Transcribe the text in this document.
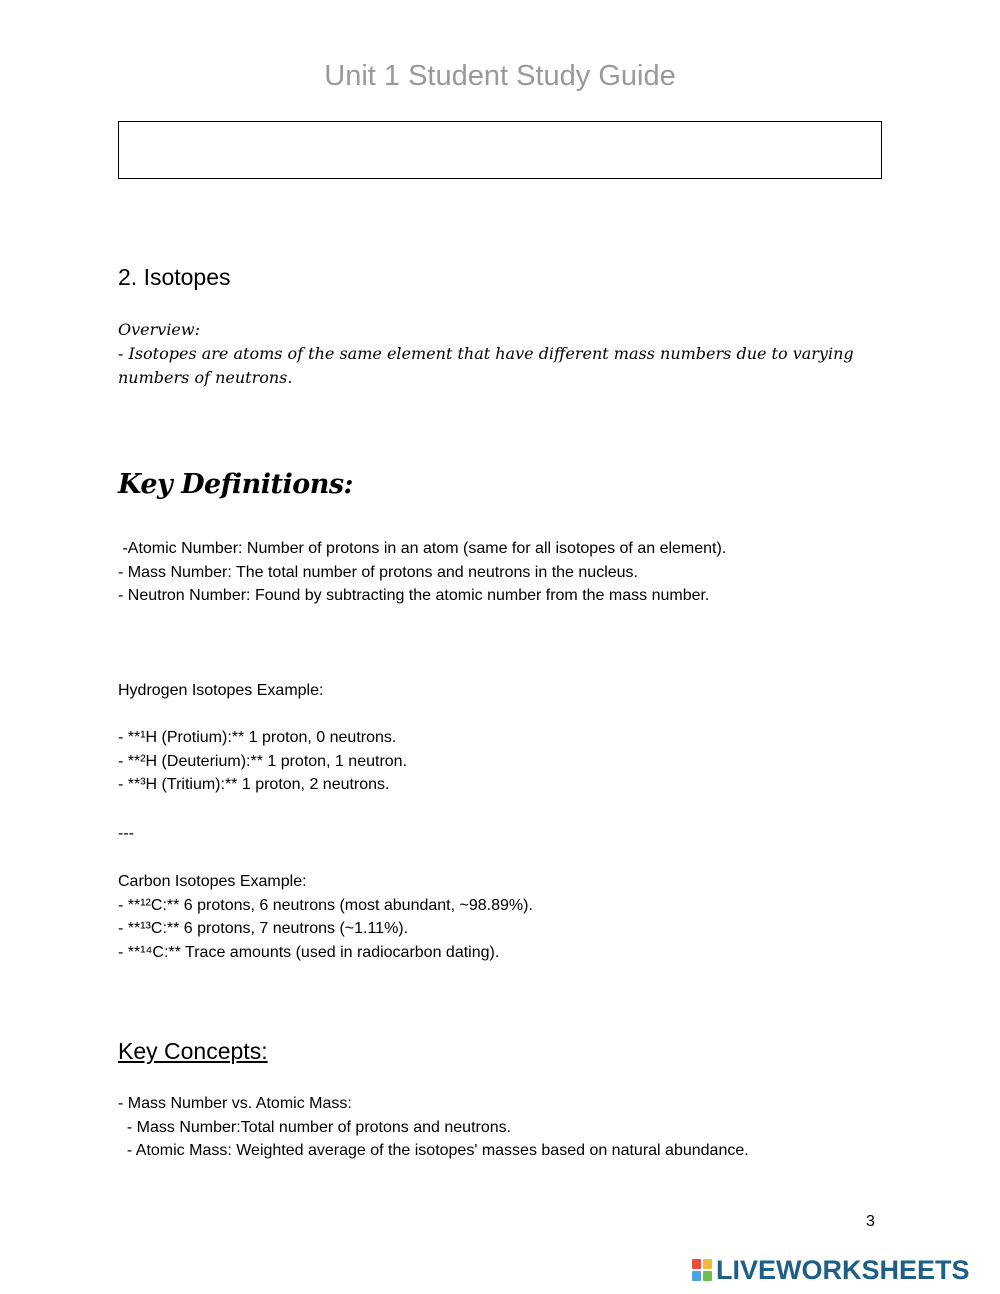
Unit 1 Student Study Guide
2. Isotopes

Overview:

- Isotopes are atoms of the same element that have different mass numbers due to varying

numbers of neutrons.

Key Definitions:

-Atomic Number: Number of protons in an atom (same for all isotopes of an element).

- Mass Number: The total number of protons and neutrons in the nucleus.

- Neutron Number: Found by subtracting the atomic number from the mass number.

Hydrogen Isotopes Example:

- **¹H (Protium):** 1 proton, 0 neutrons.

- **²H (Deuterium):** 1 proton, 1 neutron.

- **³H (Tritium):** 1 proton, 2 neutrons.

---

Carbon Isotopes Example:

- **¹²C:** 6 protons, 6 neutrons (most abundant, ~98.89%).

- **¹³C:** 6 protons, 7 neutrons (~1.11%).

- **¹⁴C:** Trace amounts (used in radiocarbon dating).

Key Concepts:

- Mass Number vs. Atomic Mass:

- Mass Number:Total number of protons and neutrons.

- Atomic Mass: Weighted average of the isotopes' masses based on natural abundance.

3
LIVEWORKSHEETS
